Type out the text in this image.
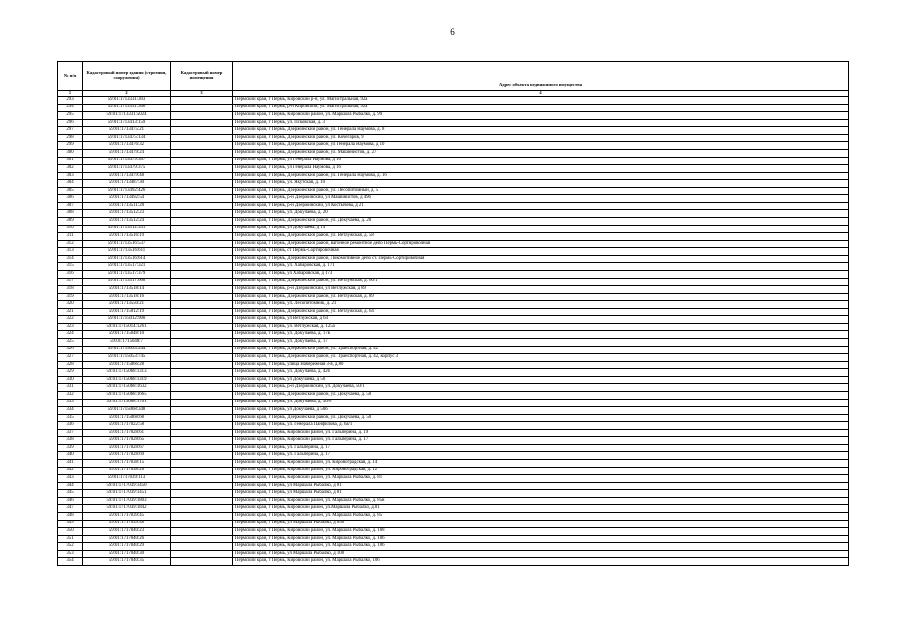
6
№ п/п	Кадастровый номер здания (строения, сооружения)	Кадастровый номер помещения	Адрес объекта недвижимого имущества
1	2	3	4
293	59:01:1713331:303		Пермский край, г Пермь, Кировский р-н, ул. Магистральная, 92а
294	59:01:1713331:306		Пермский край, г Пермь, р-н Кировский, ул. Магистральная, 92а
295	59:01:1713331:5024		Пермский край, г Пермь, Кировский район, ул. Маршала Рыбалко, д. 99
296	59:01:1713413:159		Пермский край, г Пермь, ул. Псковская, д. 3
297	59:01:1713475:21		Пермский край, г Пермь, Дзержинский район, ул. Генерала Наумова, д. 8
298	59:01:1713475:134		Пермский край, г Пермь, Дзержинский район, ул. Кочегаров, 9
299	59:01:1713476:32		Пермский край, г Пермь, Дзержинский район, ул Генерала Наумова, д 10
300	59:01:1713479:24		Пермский край, г Пермь, Дзержинский район, ул. Машинистов, д. 27
301	59:01:1713479:367		Пермский край, г Пермь, ул Генерала Наумова, д 16
302	59:01:1713479:375		Пермский край, г Пермь, ул Генерала Наумова, д 16
303	59:01:1713479:48		Пермский край, г Пермь, Дзержинский район, ул. Генерала Наумова, д. 16
304	59:01:1713487:30		Пермский край, г Пермь, ул. Якутская, д. 10
305	59:01:1713492:426		Пермский край, г Пермь, Дзержинский район, ул. Лесопитомный, д. 5
306	59:01:1713492:54		Пермский край, г Пермь, р-н Дзержинский, ул Машинистов, д 49б
307	59:01:1713511:28		Пермский край, г Пермь, р-н Дзержинский, ул Костычева, д 21
308	59:01:1713512:23		Пермский край, г Пермь, ул. Докучаева, д. 20
309	59:01:1713512:24		Пермский край, г Пермь, Дзержинский район, ул. Докучаева, д. 20
310	59:01:1713512:331		Пермский край, г Пермь, ул Докучаева, д 14
311	59:01:1713516:19		Пермский край, г Пермь, Дзержинский район, ул. Ветлужская, д. 58
312	59:01:1713516:537		Пермский край, г Пермь, Дзержинский район, вагонное ремонтное депо Пермь-Сортировочная
313	59:01:1713516:611		Пермский край, г Пермь, ст Пермь-Сортировочная
314	59:01:1713516:614		Пермский край, г Пермь, Дзержинский район, Локомотивное депо ст. Пермь-Сортировочная
315	59:01:1713517:321		Пермский край, г Пермь, ул. Хабаровская, д. 171
316	59:01:1713517:379		Пермский край, г Пермь, ул Хабаровская, д 173
317	59:01:1713517:668		Пермский край, г Пермь, Дзержинский район, ул. Ветлужская, д. 60/1
318	59:01:1713518:14		Пермский край, г Пермь, р-н Дзержинский, ул Ветлужская, д 89
319	59:01:1713518:16		Пермский край, г Пермь, Дзержинский район, ул. Ветлужская, д. 89
320	59:01:1713550:21		Пермский край, г Пермь, ул. Лесопитомник, д. 21
321	59:01:1715012:19		Пермский край, г Пермь, Дзержинский район, ул. Ветлужская, д. 64
322	59:01:1715012:900		Пермский край, г Пермь, ул Ветлужская, д 64
323	59:01:1715014:1261		Пермский край, г Пермь, ул. Ветлужская, д. 125а
324	59:01:1715048:10		Пермский край, г Пермь, ул. Докучаева, д. 17в
325	59:01:1715048:7		Пермский край, г Пермь, ул. Докучаева, д. 17
326	59:01:1715053:244		Пермский край, г Пермь, Дзержинский район, ул. Транспортная, д. 42
327	59:01:1715053:745		Пермский край, г Пермь, Дзержинский район, ул. Транспортная, д. 42, корпус 3
328	59:01:1715066:28		Пермский край, г Пермь, улица Набережная 3-я, д.80
329	59:01:1715068:1313		Пермский край, г Пермь, ул. Докучаева, д. 42б
330	59:01:1715068:1319		Пермский край, г Пермь, ул Докучаева, д 50
331	59:01:1715068:1632		Пермский край, г Пермь, р-н Дзержинский, ул. Докучаева, 50/1
332	59:01:1715068:1665		Пермский край, г Пермь, Дзержинский район, ул. Докучаева, д. 50
333	59:01:1715068:1701		Пермский край, г Пермь, ул. Докучаева, д. 50/6
334	59:01:1715068:348		Пермский край, г Пермь, ул Докучаева, д 50б
335	59:01:1715068:68		Пермский край, г Пермь, Дзержинский район, ул. Докучаева, д. 50
336	59:01:1717022:58		Пермский край, г Пермь, ул. Генерала Панфилова, д. 6а/1
337	59:01:1717028:61		Пермский край, г Пермь, Кировский район, ул. Гальперина, д. 19
338	59:01:1717028:65		Пермский край, г Пермь, Кировский район, ул. Гальперина, д. 17
339	59:01:1717028:67		Пермский край, г Пермь, ул. Гальперина, д. 17
340	59:01:1717028:69		Пермский край, г Пермь, ул. Гальперина, д. 17
341	59:01:1717038:15		Пермский край, г Пермь, Кировский район, ул. Кировоградская, д. 14
342	59:01:1717038:26		Пермский край, г Пермь, Кировский район, ул. Кировоградская, д. 12
343	59:01:1717039:113		Пермский край, г Пермь, Кировский район, ул. Маршала Рыбалко, д. 81
344	59:01:1717039:1450		Пермский край, г Пермь, ул Маршала Рыбалко, д 81
345	59:01:1717039:1451		Пермский край, г Пермь, ул Маршала Рыбалко, д 81
346	59:01:1717039:1803		Пермский край, г Пермь, Кировский район, ул. Маршала Рыбалко, д. 85в
347	59:01:1717039:1842		Пермский край, г Пермь, Кировский район, ул.Маршала Рыбалко, д.81
348	59:01:1717039:45		Пермский край, г Пермь, Кировский район, ул. Маршала Рыбалко, д. 85
349	59:01:1717039:48		Пермский край, г Пермь, ул Маршала Рыбалко, д 85б
350	59:01:1717040:23		Пермский край, г Пермь, Кировский район, ул. Маршала Рыбалко, д. 108
351	59:01:1717040:26		Пермский край, г Пермь, Кировский район, ул. Маршала Рыбалко, д. 106
352	59:01:1717040:29		Пермский край, г Пермь, Кировский район, ул. Маршала Рыбалко, д. 106
353	59:01:1717040:30		Пермский край, г Пермь, ул Маршала Рыбалко, д 108
354	59:01:1717040:35		Пермский край, г Пермь, Кировский район, ул. Маршала Рыбалко, 106
